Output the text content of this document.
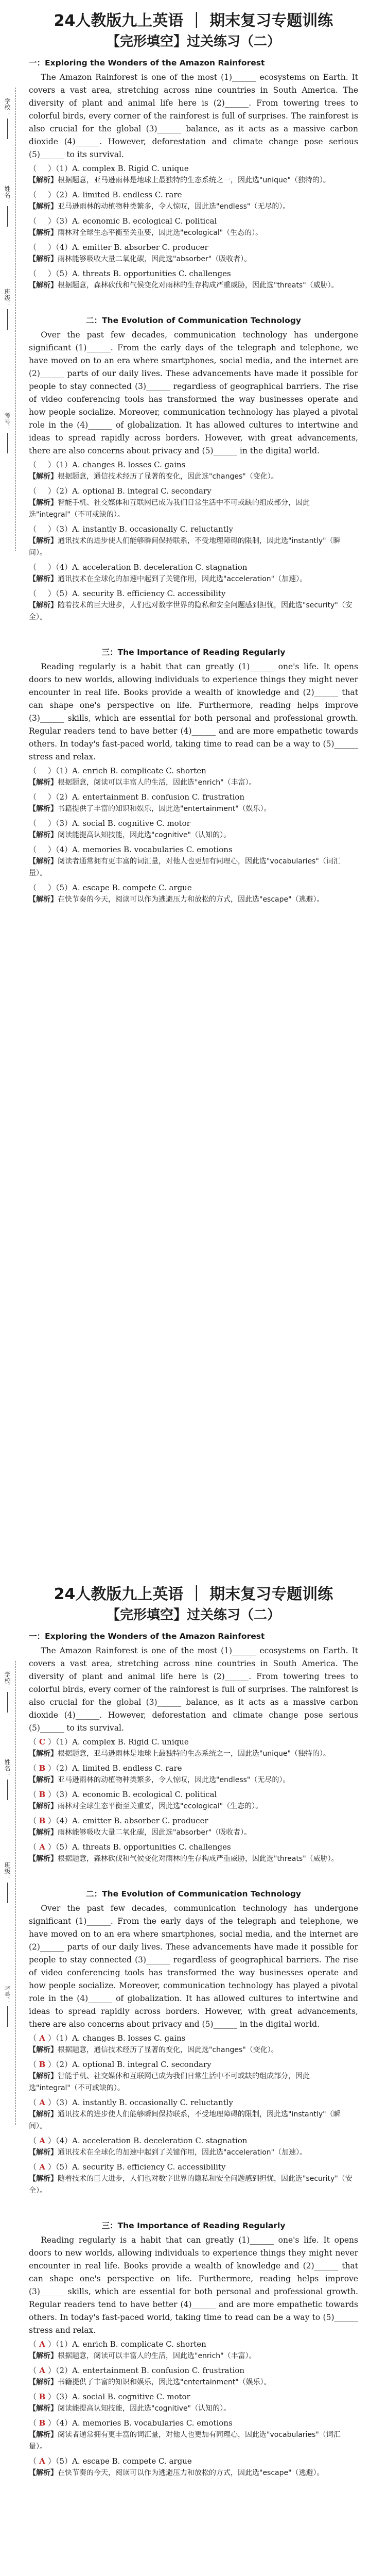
学校：
姓名：
班级：
考号：
24人教版九上英语 ｜ 期末复习专题训练
【完形填空】过关练习（二）
一：Exploring the Wonders of the Amazon Rainforest

The Amazon Rainforest is one of the most (1)______ ecosystems on Earth. It covers a vast area, stretching across nine countries in South America. The diversity of plant and animal life here is (2)______. From towering trees to colorful birds, every corner of the rainforest is full of surprises. The rainforest is also crucial for the global (3)______ balance, as it acts as a massive carbon dioxide (4)______. However, deforestation and climate change pose serious (5)______ to its survival.

（ ）（1）A. complex B. Rigid C. unique
【解析】根据题意，亚马逊雨林是地球上最独特的生态系统之一，因此选"unique"（独特的）。
（ ）（2）A. limited B. endless C. rare
【解析】亚马逊雨林的动植物种类繁多，令人惊叹，因此选"endless"（无尽的）。
（ ）（3）A. economic B. ecological C. political
【解析】雨林对全球生态平衡至关重要，因此选"ecological"（生态的）。
（ ）（4）A. emitter B. absorber C. producer
【解析】雨林能够吸收大量二氧化碳，因此选"absorber"（吸收者）。
（ ）（5）A. threats B. opportunities C. challenges
【解析】根据题意，森林砍伐和气候变化对雨林的生存构成严重威胁，因此选"threats"（威胁）。
二：The Evolution of Communication Technology

Over the past few decades, communication technology has undergone significant (1)______. From the early days of the telegraph and telephone, we have moved on to an era where smartphones, social media, and the internet are (2)______ parts of our daily lives. These advancements have made it possible for people to stay connected (3)______ regardless of geographical barriers. The rise of video conferencing tools has transformed the way businesses operate and how people socialize. Moreover, communication technology has played a pivotal role in the (4)______ of globalization. It has allowed cultures to intertwine and ideas to spread rapidly across borders. However, with great advancements, there are also concerns about privacy and (5)______ in the digital world.

（ ）（1）A. changes B. losses C. gains
【解析】根据题意，通信技术经历了显著的变化，因此选"changes"（变化）。
（ ）（2）A. optional B. integral C. secondary
【解析】智能手机、社交媒体和互联网已成为我们日常生活中不可或缺的组成部分，因此选"integral"（不可或缺的）。
（ ）（3）A. instantly B. occasionally C. reluctantly
【解析】通讯技术的进步使人们能够瞬间保持联系，不受地理障碍的限制，因此选"instantly"（瞬间）。
（ ）（4）A. acceleration B. deceleration C. stagnation
【解析】通讯技术在全球化的加速中起到了关键作用，因此选"acceleration"（加速）。
（ ）（5）A. security B. efficiency C. accessibility
【解析】随着技术的巨大进步，人们也对数字世界的隐私和安全问题感到担忧，因此选"security"（安全）。
三：The Importance of Reading Regularly

Reading regularly is a habit that can greatly (1)______ one's life. It opens doors to new worlds, allowing individuals to experience things they might never encounter in real life. Books provide a wealth of knowledge and (2)______ that can shape one's perspective on life. Furthermore, reading helps improve (3)______ skills, which are essential for both personal and professional growth. Regular readers tend to have better (4)______ and are more empathetic towards others. In today's fast-paced world, taking time to read can be a way to (5)______ stress and relax.

（ ）（1）A. enrich B. complicate C. shorten
【解析】根据题意，阅读可以丰富人的生活，因此选"enrich"（丰富）。
（ ）（2）A. entertainment B. confusion C. frustration
【解析】书籍提供了丰富的知识和娱乐，因此选"entertainment"（娱乐）。
（ ）（3）A. social B. cognitive C. motor
【解析】阅读能提高认知技能，因此选"cognitive"（认知的）。
（ ）（4）A. memories B. vocabularies C. emotions
【解析】阅读者通常拥有更丰富的词汇量，对他人也更加有同理心，因此选"vocabularies"（词汇量）。
（ ）（5）A. escape B. compete C. argue
【解析】在快节奏的今天，阅读可以作为逃避压力和放松的方式，因此选"escape"（逃避）。
学校：
姓名：
班级：
考号：
24人教版九上英语 ｜ 期末复习专题训练
【完形填空】过关练习（二）
一：Exploring the Wonders of the Amazon Rainforest

The Amazon Rainforest is one of the most (1)______ ecosystems on Earth. It covers a vast area, stretching across nine countries in South America. The diversity of plant and animal life here is (2)______. From towering trees to colorful birds, every corner of the rainforest is full of surprises. The rainforest is also crucial for the global (3)______ balance, as it acts as a massive carbon dioxide (4)______. However, deforestation and climate change pose serious (5)______ to its survival.

（ C ）（1）A. complex B. Rigid C. unique
【解析】根据题意，亚马逊雨林是地球上最独特的生态系统之一，因此选"unique"（独特的）。
（ B ）（2）A. limited B. endless C. rare
【解析】亚马逊雨林的动植物种类繁多，令人惊叹，因此选"endless"（无尽的）。
（ B ）（3）A. economic B. ecological C. political
【解析】雨林对全球生态平衡至关重要，因此选"ecological"（生态的）。
（ B ）（4）A. emitter B. absorber C. producer
【解析】雨林能够吸收大量二氧化碳，因此选"absorber"（吸收者）。
（ A ）（5）A. threats B. opportunities C. challenges
【解析】根据题意，森林砍伐和气候变化对雨林的生存构成严重威胁，因此选"threats"（威胁）。
二：The Evolution of Communication Technology

Over the past few decades, communication technology has undergone significant (1)______. From the early days of the telegraph and telephone, we have moved on to an era where smartphones, social media, and the internet are (2)______ parts of our daily lives. These advancements have made it possible for people to stay connected (3)______ regardless of geographical barriers. The rise of video conferencing tools has transformed the way businesses operate and how people socialize. Moreover, communication technology has played a pivotal role in the (4)______ of globalization. It has allowed cultures to intertwine and ideas to spread rapidly across borders. However, with great advancements, there are also concerns about privacy and (5)______ in the digital world.

（ A ）（1）A. changes B. losses C. gains
【解析】根据题意，通信技术经历了显著的变化，因此选"changes"（变化）。
（ B ）（2）A. optional B. integral C. secondary
【解析】智能手机、社交媒体和互联网已成为我们日常生活中不可或缺的组成部分，因此选"integral"（不可或缺的）。
（ A ）（3）A. instantly B. occasionally C. reluctantly
【解析】通讯技术的进步使人们能够瞬间保持联系，不受地理障碍的限制，因此选"instantly"（瞬间）。
（ A ）（4）A. acceleration B. deceleration C. stagnation
【解析】通讯技术在全球化的加速中起到了关键作用，因此选"acceleration"（加速）。
（ A ）（5）A. security B. efficiency C. accessibility
【解析】随着技术的巨大进步，人们也对数字世界的隐私和安全问题感到担忧，因此选"security"（安全）。
三：The Importance of Reading Regularly

Reading regularly is a habit that can greatly (1)______ one's life. It opens doors to new worlds, allowing individuals to experience things they might never encounter in real life. Books provide a wealth of knowledge and (2)______ that can shape one's perspective on life. Furthermore, reading helps improve (3)______ skills, which are essential for both personal and professional growth. Regular readers tend to have better (4)______ and are more empathetic towards others. In today's fast-paced world, taking time to read can be a way to (5)______ stress and relax.

（ A ）（1）A. enrich B. complicate C. shorten
【解析】根据题意，阅读可以丰富人的生活，因此选"enrich"（丰富）。
（ A ）（2）A. entertainment B. confusion C. frustration
【解析】书籍提供了丰富的知识和娱乐，因此选"entertainment"（娱乐）。
（ B ）（3）A. social B. cognitive C. motor
【解析】阅读能提高认知技能，因此选"cognitive"（认知的）。
（ B ）（4）A. memories B. vocabularies C. emotions
【解析】阅读者通常拥有更丰富的词汇量，对他人也更加有同理心，因此选"vocabularies"（词汇量）。
（ A ）（5）A. escape B. compete C. argue
【解析】在快节奏的今天，阅读可以作为逃避压力和放松的方式，因此选"escape"（逃避）。
